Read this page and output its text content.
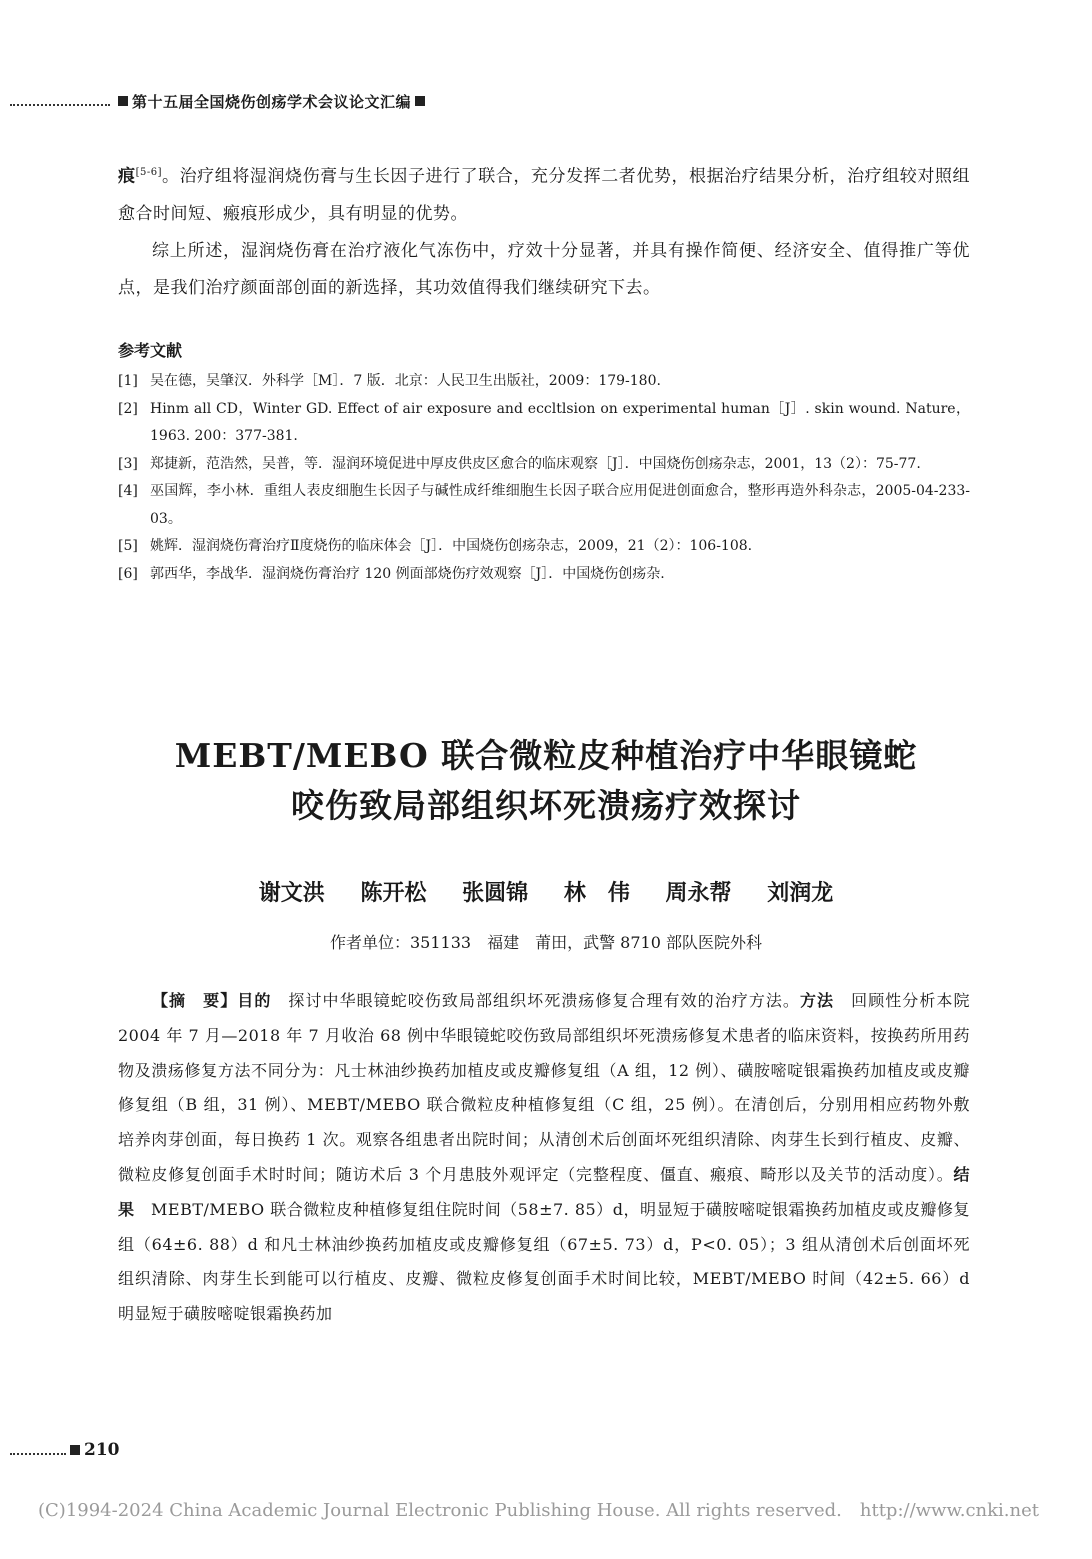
第十五届全国烧伤创疡学术会议论文汇编

痕[5-6]。治疗组将湿润烧伤膏与生长因子进行了联合，充分发挥二者优势，根据治疗结果分析，治疗组较对照组愈合时间短、瘢痕形成少，具有明显的优势。

综上所述，湿润烧伤膏在治疗液化气冻伤中，疗效十分显著，并具有操作简便、经济安全、值得推广等优点，是我们治疗颜面部创面的新选择，其功效值得我们继续研究下去。

参考文献

[1] 吴在德，吴肇汉．外科学［M］．7 版．北京：人民卫生出版社，2009：179-180.

[2] Hinm all CD，Winter GD. Effect of air exposure and eccltlsion on experimental human［J］. skin wound. Nature，1963. 200：377-381.

[3] 郑捷新，范浩然，吴普，等．湿润环境促进中厚皮供皮区愈合的临床观察［J］．中国烧伤创疡杂志，2001，13（2）：75-77.

[4] 巫国辉，李小林．重组人表皮细胞生长因子与碱性成纤维细胞生长因子联合应用促进创面愈合，整形再造外科杂志，2005-04-233-03。

[5] 姚辉．湿润烧伤膏治疗Ⅱ度烧伤的临床体会［J］．中国烧伤创疡杂志，2009，21（2）：106-108.

[6] 郭西华，李战华．湿润烧伤膏治疗 120 例面部烧伤疗效观察［J］．中国烧伤创疡杂.

MEBT/MEBO 联合微粒皮种植治疗中华眼镜蛇
咬伤致局部组织坏死溃疡疗效探讨
谢文洪 陈开松 张圆锦 林　伟 周永帮 刘润龙
作者单位：351133　福建　莆田，武警 8710 部队医院外科

【摘　要】目的　探讨中华眼镜蛇咬伤致局部组织坏死溃疡修复合理有效的治疗方法。方法　回顾性分析本院 2004 年 7 月—2018 年 7 月收治 68 例中华眼镜蛇咬伤致局部组织坏死溃疡修复术患者的临床资料，按换药所用药物及溃疡修复方法不同分为：凡士林油纱换药加植皮或皮瓣修复组（A 组，12 例）、磺胺嘧啶银霜换药加植皮或皮瓣修复组（B 组，31 例）、MEBT/MEBO 联合微粒皮种植修复组（C 组，25 例）。在清创后，分别用相应药物外敷培养肉芽创面，每日换药 1 次。观察各组患者出院时间；从清创术后创面坏死组织清除、肉芽生长到行植皮、皮瓣、微粒皮修复创面手术时时间；随访术后 3 个月患肢外观评定（完整程度、僵直、瘢痕、畸形以及关节的活动度）。结果　MEBT/MEBO 联合微粒皮种植修复组住院时间（58±7. 85）d，明显短于磺胺嘧啶银霜换药加植皮或皮瓣修复组（64±6. 88）d 和凡士林油纱换药加植皮或皮瓣修复组（67±5. 73）d，P<0. 05）；3 组从清创术后创面坏死组织清除、肉芽生长到能可以行植皮、皮瓣、微粒皮修复创面手术时间比较，MEBT/MEBO 时间（42±5. 66）d 明显短于磺胺嘧啶银霜换药加

210
(C)1994-2024 China Academic Journal Electronic Publishing House. All rights reserved.　http://www.cnki.net
